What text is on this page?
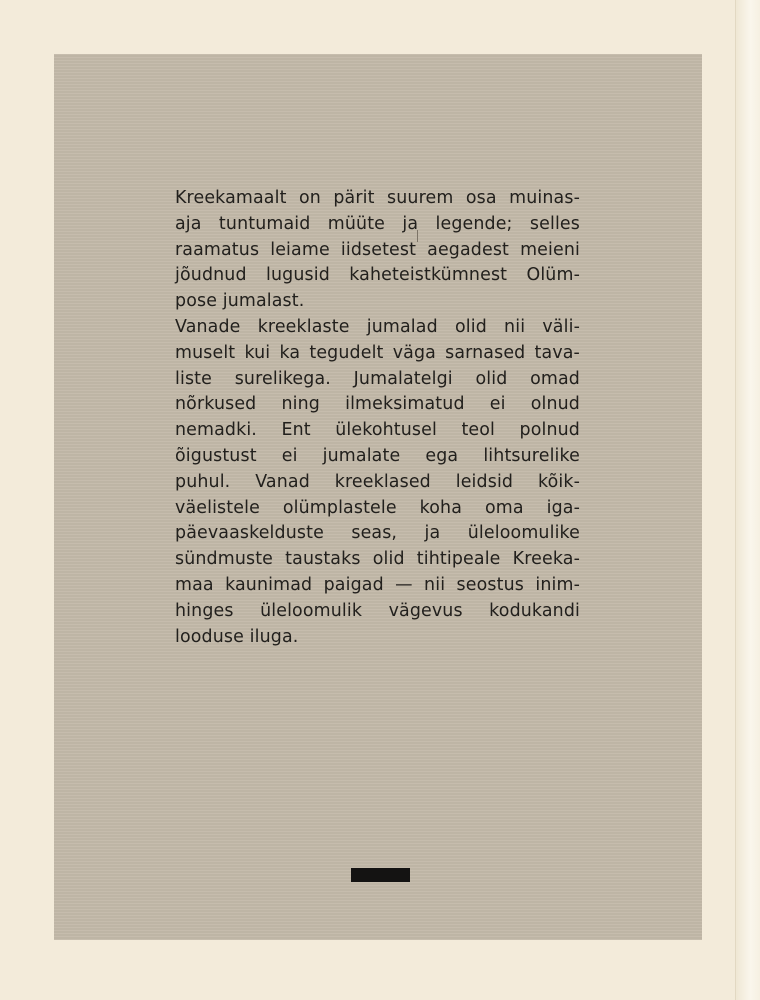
Kreekamaalt on pärit suurem osa muinas-
aja tuntumaid müüte ja legende; selles
raamatus leiame iidsetest aegadest meieni
jõudnud lugusid kaheteistkümnest Olüm-
pose jumalast.
Vanade kreeklaste jumalad olid nii väli-
muselt kui ka tegudelt väga sarnased tava-
liste surelikega. Jumalatelgi olid omad
nõrkused ning ilmeksimatud ei olnud
nemadki. Ent ülekohtusel teol polnud
õigustust ei jumalate ega lihtsurelike
puhul. Vanad kreeklased leidsid kõik-
väelistele olümplastele koha oma iga-
päevaaskelduste seas, ja üleloomulike
sündmuste taustaks olid tihtipeale Kreeka-
maa kaunimad paigad — nii seostus inim-
hinges üleloomulik vägevus kodukandi
looduse iluga.
